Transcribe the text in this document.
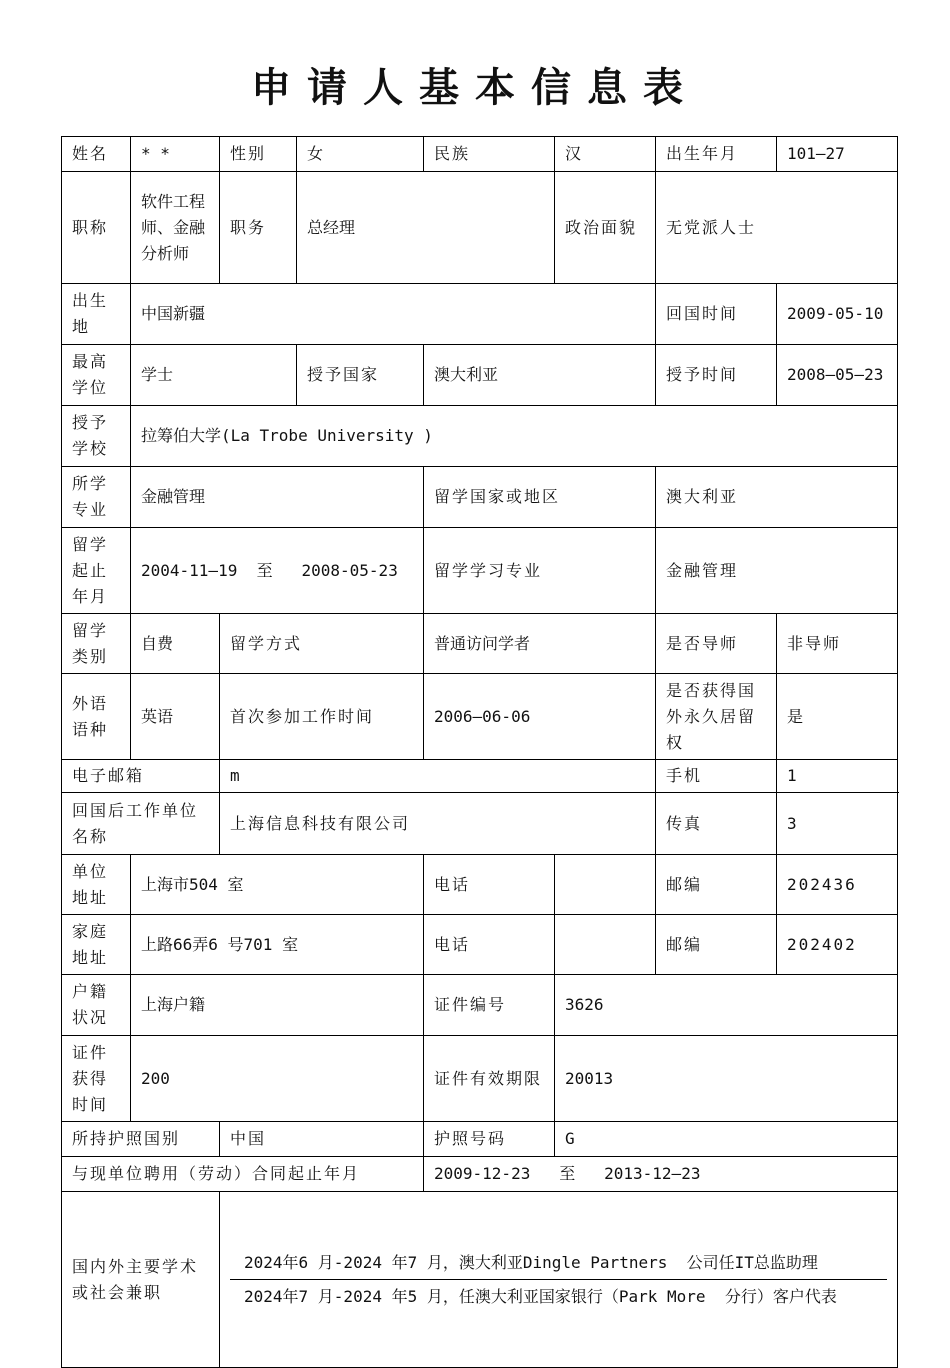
申请人基本信息表
姓名	* *	性别	女	民族	汉	出生年月	101—27
职称	软件工程师、金融分析师	职务	总经理	政治面貌	无党派人士
出生地	中国新疆	回国时间	2009-05-10
最高学位	学士	授予国家	澳大利亚	授予时间	2008—05—23
授予学校	拉筹伯大学(La Trobe University )
所学专业	金融管理	留学国家或地区	澳大利亚
留学起止年月	2004-11—19  至   2008-05-23	留学学习专业	金融管理
留学类别	自费	留学方式	普通访问学者	是否导师	非导师
外语语种	英语	首次参加工作时间	2006—06-06	是否获得国外永久居留权	是
电子邮箱	m	手机	1
回国后工作单位名称	上海信息科技有限公司	传真	3
单位地址	上海市504 室	电话		邮编	202436
家庭地址	上路66弄6 号701 室	电话		邮编	202402
户籍状况	上海户籍	证件编号	3626
证件获得时间	200	证件有效期限	20013
所持护照国别	中国	护照号码	G
与现单位聘用（劳动）合同起止年月	2009-12-23   至   2013-12—23
国内外主要学术或社会兼职	

2024年6 月-2024 年7 月，澳大利亚Dingle Partners  公司任IT总监助理
2024年7 月-2024 年5 月，任澳大利亚国家银行（Park More  分行）客户代表
